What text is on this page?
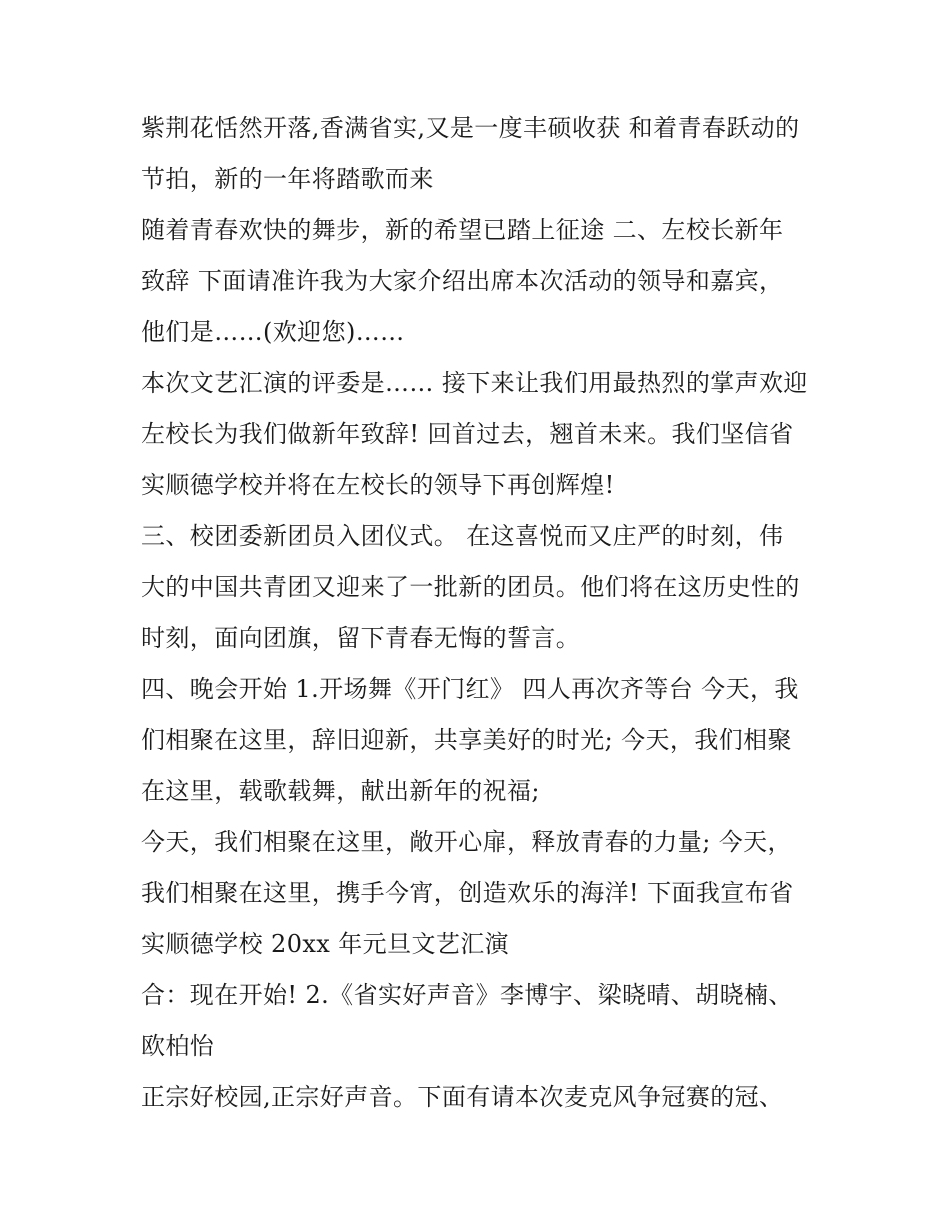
紫荆花恬然开落,香满省实,又是一度丰硕收获 和着青春跃动的
节拍，新的一年将踏歌而来
随着青春欢快的舞步，新的希望已踏上征途 二、左校长新年
致辞 下面请准许我为大家介绍出席本次活动的领导和嘉宾，
他们是……(欢迎您)……
本次文艺汇演的评委是…… 接下来让我们用最热烈的掌声欢迎
左校长为我们做新年致辞! 回首过去，翘首未来。我们坚信省
实顺德学校并将在左校长的领导下再创辉煌!
三、校团委新团员入团仪式。 在这喜悦而又庄严的时刻，伟
大的中国共青团又迎来了一批新的团员。他们将在这历史性的
时刻，面向团旗，留下青春无悔的誓言。
四、晚会开始 1.开场舞《开门红》 四人再次齐等台 今天，我
们相聚在这里，辞旧迎新，共享美好的时光; 今天，我们相聚
在这里，载歌载舞，献出新年的祝福;
今天，我们相聚在这里，敞开心扉，释放青春的力量; 今天，
我们相聚在这里，携手今宵，创造欢乐的海洋! 下面我宣布省
实顺德学校 20xx 年元旦文艺汇演
合：现在开始! 2.《省实好声音》李博宇、梁晓晴、胡晓楠、
欧柏怡
正宗好校园,正宗好声音。下面有请本次麦克风争冠赛的冠、
